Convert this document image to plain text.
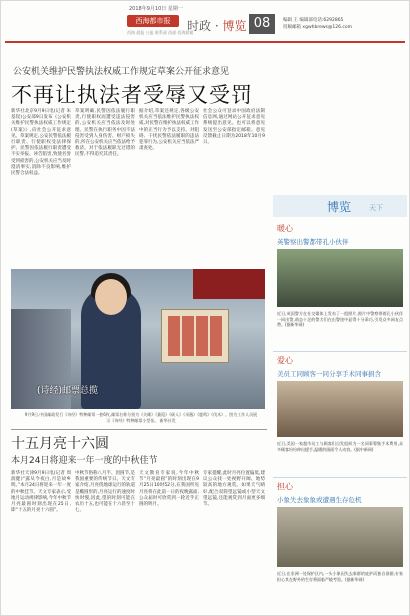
2018年9月10日 星期一
西海都市报
西海 晨报 公报 联系部 西部 西海晨報
时政 · 博览 08	编辑 王 编辑部电话:6292865
投稿邮箱 xgwhbrews@126.com
公安机关维护民警执法权威工作规定草案公开征求意见
不再让执法者受辱又受罚
新华社北京9月9日电(记者 朱基钗)公安部9日发布《公安机关维护民警执法权威工作规定(草案)》,向社会公开征求意见。草案规定,公安民警依法履行职责、行使职权受法律保护。民警因依法履行职责遭受不实举报、诬告陷害,致使名誉受到损害的,公安机关应当及时澄清事实,消除不良影响,维护民警合法权益。
草案明确,民警因依法履行职责,行使职权而遭受违法侵害的,公安机关应当依法及时处理。民警在执行职务中因不法侵害受到人身伤害、财产损失的,所在公安机关应当依法给予救济。对于依法履职无过错的民警,不得追究其责任。
据介绍,草案还规定,各级公安机关应当依法维护民警执法权威,对民警在维护执法权威工作中的正当行为予以支持。对阻碍、干扰民警依法履职的违法犯罪行为,公安机关应当依法严肃查处。
社会公众可登录中国政府法制信息网,通过网站公开征求意见系统提出意见。也可以将意见发送至公安部指定邮箱。意见反馈截止日期为2018年10月9日。
(诗经)邮票总揽
9月9日,中国邮政发行《诗经》特种邮票一套6枚,邮票名称分别为《关雎》《蒹葭》《硕人》《采薇》《鹿鸣》《伐木》。图为工作人员展示《诗经》特种邮票小型张。 新华社发
十五月亮十六圆
本月24日将迎来一年一度的中秋佳节
新华社天津9月9日电(记者 周润健)“露从今夜白,月是故乡明。”本月24日将迎来一年一度的中秋佳节。天文专家表示,受地月运动规律影响,今年中秋节月亮最圆时刻出现在25日,即“十五的月亮十六圆”。
中秋节俗称八月半、团圆节,是我国重要的传统节日。天文专家介绍,月亮绕地球运行的轨道是椭圆形的,月亮运行的速度时快时慢,因此,望的时刻可能在农历十五,也可能在十六甚至十七。
天文教育专家说,今年中秋节“月亮最圆”的时刻出现在9月25日10时52分,在我国所见月亮将在此前一日的夜晚露面,公众届时可欣赏到一轮近乎正圆的明月。
专家提醒,此时月亮位置偏低,建议公众找一处视野开阔、地势较高的地方观赏。如果天气晴好,配合双筒望远镜或小型天文望远镜,还能观赏到月面更多细节。
博览	天下
暖心
英警察出警都带孔小伙伴
近日,英国警方在社交媒体上发布了一组照片,照片中警察带着孔小伙伴一同出警,萌态十足的警犬们在出警途中显得十分乖巧,引发众多网友点赞。(据新华网)
爱心
美员工同顾客一同分享手术同事捐含
近日,美国一家超市员工与顾客们自发组织为一名同事筹集手术费用,众多顾客纷纷伸出援手,温暖的画面令人动容。(据中新网)
担心
小象失去象象或遭遇生存危机
近日,在非洲一处保护区内,一头小象因失去象群的庇护而独自徘徊,专家担心其在野外的生存将面临严峻考验。(据新华网)
